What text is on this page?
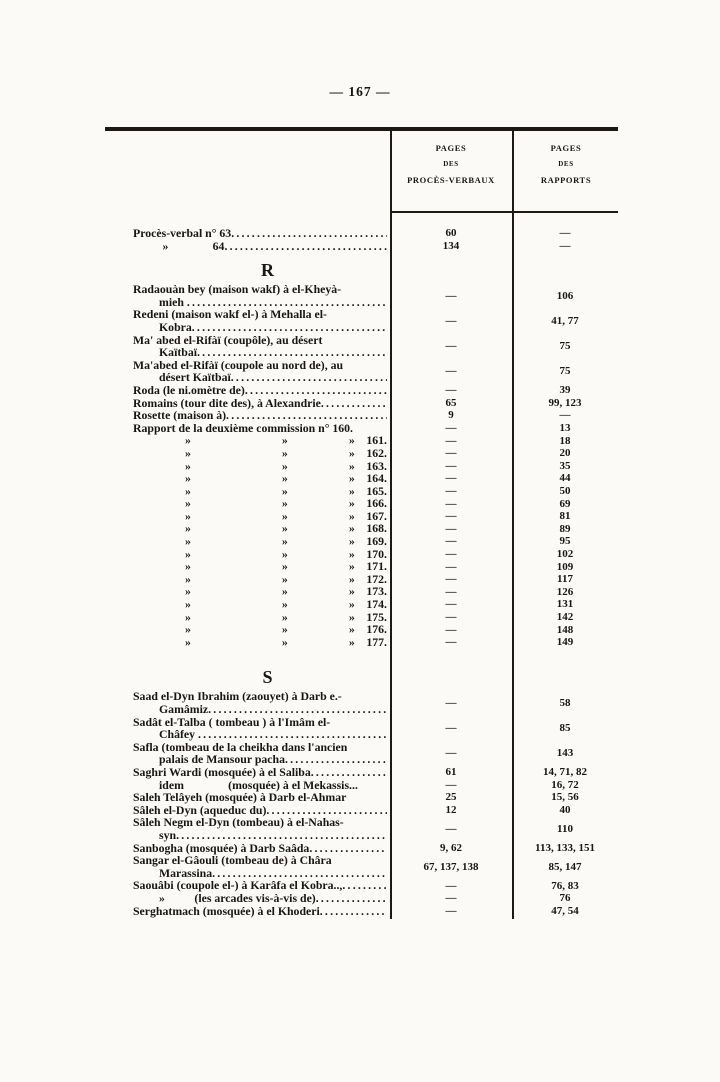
— 167 —
PAGES
DES
PROCÈS-VERBAUX
PAGES
DES
RAPPORTS
Procès-verbal n° 63 .....	60	—
»               64 .....	134	—
R
Radaouàn bey (maison wakf) à el-Kheyà-
mieh .....	—	106
Redeni (maison wakf el-) à Mehalla el-
Kobra .....	—	41, 77
Ma' abed el-Rifàï (coupôle), au désert
Kaïtbaï .....	—	75
Ma'abed el-Rifàï (coupole au nord de), au
désert Kaïtbaï .....	—	75
Roda (le ni.omètre de) .....	—	39
Romains (tour dite des), à Alexandrie .....	65	99, 123
Rosette (maison à) .....	9	—
Rapport de la deuxième commission n° 160.	—	13
»	»	» 161.	—	18
»	»	» 162.	—	20
»	»	» 163.	—	35
»	»	» 164.	—	44
»	»	» 165.	—	50
»	»	» 166.	—	69
»	»	» 167.	—	81
»	»	» 168.	—	89
»	»	» 169.	—	95
»	»	» 170.	—	102
»	»	» 171.	—	109
»	»	» 172.	—	117
»	»	» 173.	—	126
»	»	» 174.	—	131
»	»	» 175.	—	142
»	»	» 176.	—	148
»	»	» 177.	—	149
S
Saad el-Dyn Ibrahim (zaouyet) à Darb e.-
Gamâmiz .....	—	58
Sadât el-Talba ( tombeau ) à l'Imâm el-
Châfey .....	—	85
Safla (tombeau de la cheikha dans l'ancien
palais de Mansour pacha .....	—	143
Saghri Wardi (mosquée) à el Saliba .....	61	14, 71, 82
idem               (mosquée) à el Mekassis...	—	16, 72
Saleh Telâyeh (mosquée) à Darb el-Ahmar	25	15, 56
Sâleh el-Dyn (aqueduc du) .....	12	40
Sâleh Negm el-Dyn (tombeau) à el-Nahas-
syn .....	—	110
Sanbogha (mosquée) à Darb Saâda .....	9, 62	113, 133, 151
Sangar el-Gâouli (tombeau de) à Châra
Marassina .....	67, 137, 138	85, 147
Saouâbi (coupole el-) à Karâfa el Kobra.., .....	—	76, 83
»          (les arcades vis-à-vis de) .....	—	76
Serghatmach (mosquée) à el Khoderi .....	—	47, 54
